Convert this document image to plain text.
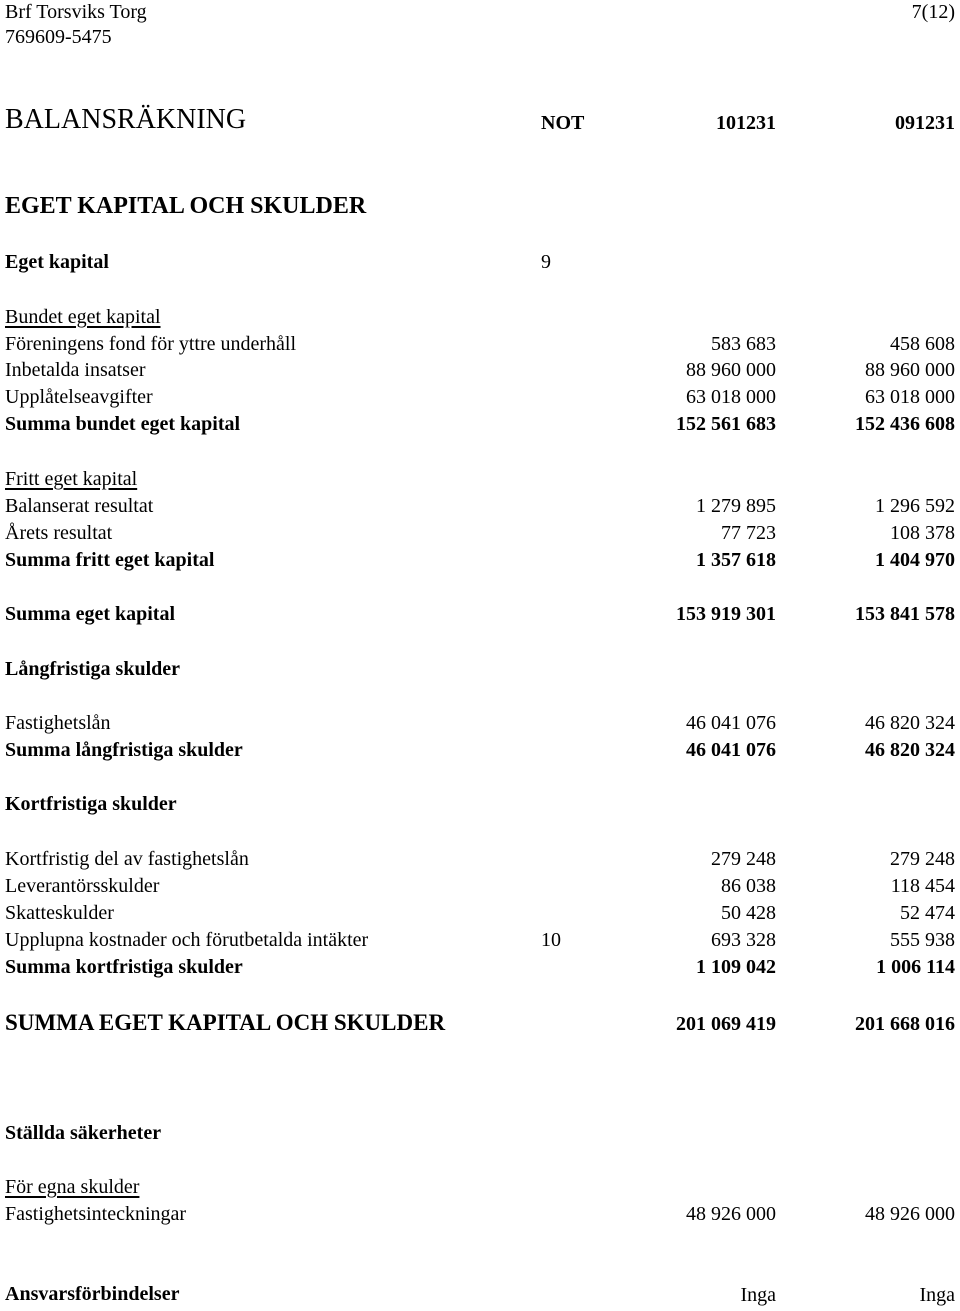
Brf Torsviks Torg	7(12)
769609-5475
BALANSRÄKNING	NOT	101231	091231
EGET KAPITAL OCH SKULDER
Eget kapital	9
Bundet eget kapital
Föreningens fond för yttre underhåll	583 683	458 608
Inbetalda insatser	88 960 000	88 960 000
Upplåtelseavgifter	63 018 000	63 018 000
Summa bundet eget kapital	152 561 683	152 436 608
Fritt eget kapital
Balanserat resultat	1 279 895	1 296 592
Årets resultat	77 723	108 378
Summa fritt eget kapital	1 357 618	1 404 970
Summa eget kapital	153 919 301	153 841 578
Långfristiga skulder
Fastighetslån	46 041 076	46 820 324
Summa långfristiga skulder	46 041 076	46 820 324
Kortfristiga skulder
Kortfristig del av fastighetslån	279 248	279 248
Leverantörsskulder	86 038	118 454
Skatteskulder	50 428	52 474
Upplupna kostnader och förutbetalda intäkter	10	693 328	555 938
Summa kortfristiga skulder	1 109 042	1 006 114
SUMMA EGET KAPITAL OCH SKULDER	201 069 419	201 668 016
Ställda säkerheter
För egna skulder
Fastighetsinteckningar	48 926 000	48 926 000
Ansvarsförbindelser	Inga	Inga
